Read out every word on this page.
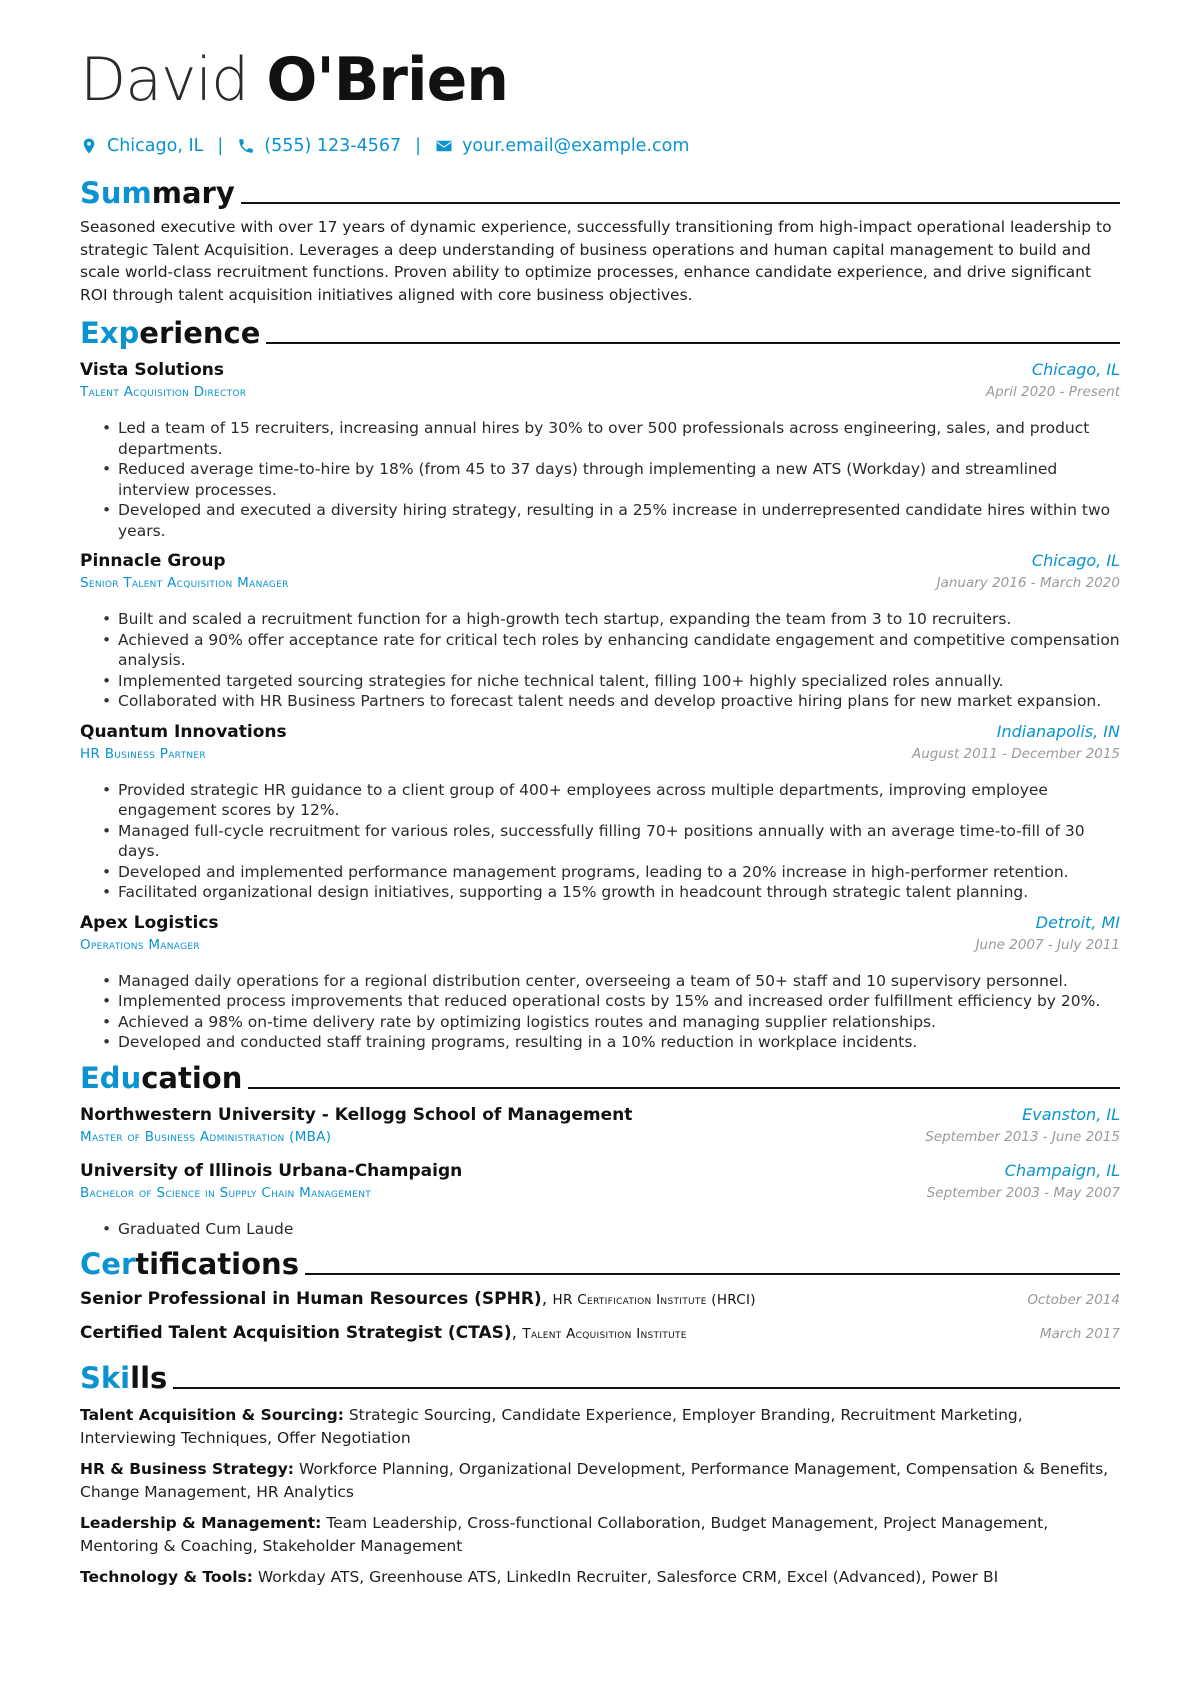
David O'Brien
Chicago, IL | (555) 123-4567 | your.email@example.com
Summary
Seasoned executive with over 17 years of dynamic experience, successfully transitioning from high-impact operational leadership to strategic Talent Acquisition. Leverages a deep understanding of business operations and human capital management to build and scale world-class recruitment functions. Proven ability to optimize processes, enhance candidate experience, and drive significant ROI through talent acquisition initiatives aligned with core business objectives.
Experience
Vista Solutions	Chicago, IL
Talent Acquisition Director	April 2020 - Present
• Led a team of 15 recruiters, increasing annual hires by 30% to over 500 professionals across engineering, sales, and product departments.
• Reduced average time-to-hire by 18% (from 45 to 37 days) through implementing a new ATS (Workday) and streamlined interview processes.
• Developed and executed a diversity hiring strategy, resulting in a 25% increase in underrepresented candidate hires within two years.
Pinnacle Group	Chicago, IL
Senior Talent Acquisition Manager	January 2016 - March 2020
• Built and scaled a recruitment function for a high-growth tech startup, expanding the team from 3 to 10 recruiters.
• Achieved a 90% offer acceptance rate for critical tech roles by enhancing candidate engagement and competitive compensation analysis.
• Implemented targeted sourcing strategies for niche technical talent, filling 100+ highly specialized roles annually.
• Collaborated with HR Business Partners to forecast talent needs and develop proactive hiring plans for new market expansion.
Quantum Innovations	Indianapolis, IN
HR Business Partner	August 2011 - December 2015
• Provided strategic HR guidance to a client group of 400+ employees across multiple departments, improving employee engagement scores by 12%.
• Managed full-cycle recruitment for various roles, successfully filling 70+ positions annually with an average time-to-fill of 30 days.
• Developed and implemented performance management programs, leading to a 20% increase in high-performer retention.
• Facilitated organizational design initiatives, supporting a 15% growth in headcount through strategic talent planning.
Apex Logistics	Detroit, MI
Operations Manager	June 2007 - July 2011
• Managed daily operations for a regional distribution center, overseeing a team of 50+ staff and 10 supervisory personnel.
• Implemented process improvements that reduced operational costs by 15% and increased order fulfillment efficiency by 20%.
• Achieved a 98% on-time delivery rate by optimizing logistics routes and managing supplier relationships.
• Developed and conducted staff training programs, resulting in a 10% reduction in workplace incidents.
Education
Northwestern University - Kellogg School of Management	Evanston, IL
Master of Business Administration (MBA)	September 2013 - June 2015
University of Illinois Urbana-Champaign	Champaign, IL
Bachelor of Science in Supply Chain Management	September 2003 - May 2007
• Graduated Cum Laude
Certifications
Senior Professional in Human Resources (SPHR), HR Certification Institute (HRCI)	October 2014
Certified Talent Acquisition Strategist (CTAS), Talent Acquisition Institute	March 2017
Skills
Talent Acquisition & Sourcing: Strategic Sourcing, Candidate Experience, Employer Branding, Recruitment Marketing, Interviewing Techniques, Offer Negotiation
HR & Business Strategy: Workforce Planning, Organizational Development, Performance Management, Compensation & Benefits, Change Management, HR Analytics
Leadership & Management: Team Leadership, Cross-functional Collaboration, Budget Management, Project Management, Mentoring & Coaching, Stakeholder Management
Technology & Tools: Workday ATS, Greenhouse ATS, LinkedIn Recruiter, Salesforce CRM, Excel (Advanced), Power BI
